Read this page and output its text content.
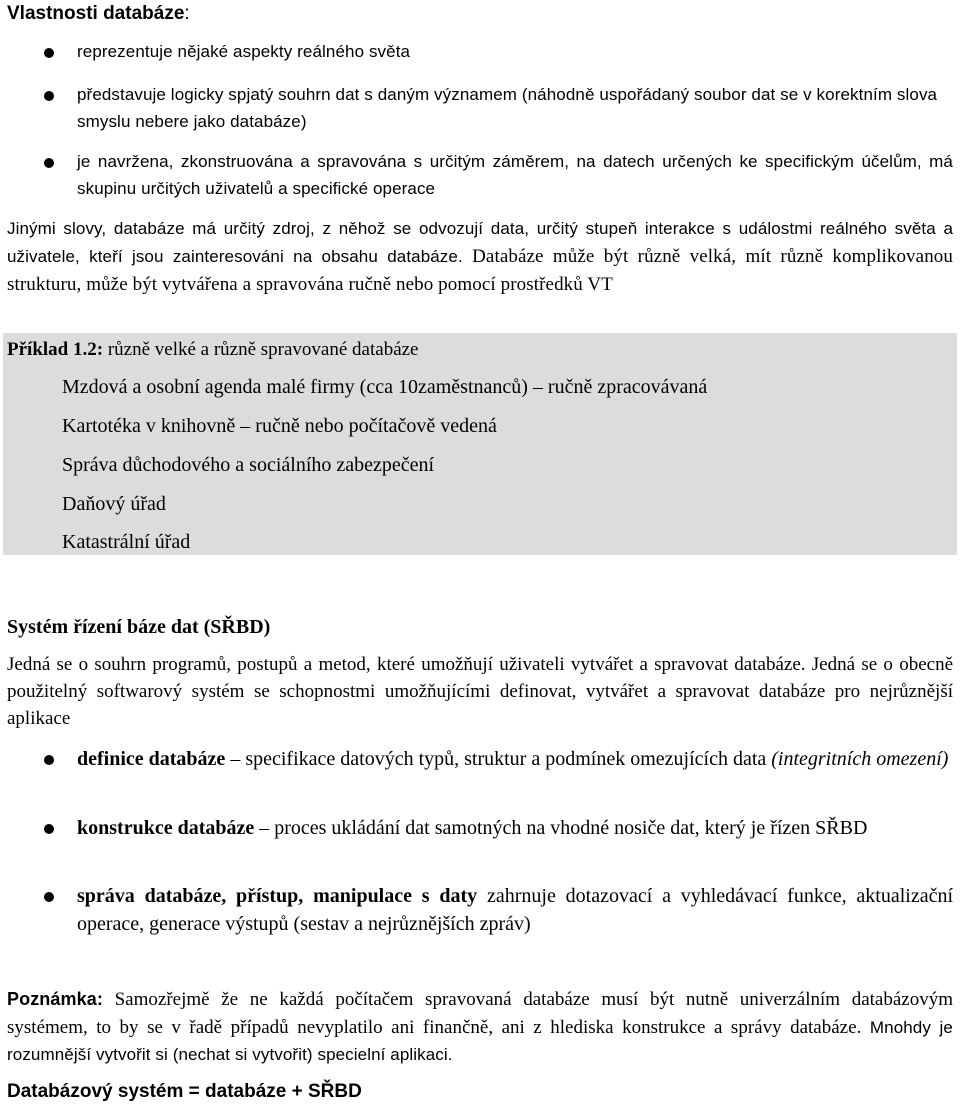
Vlastnosti databáze:
reprezentuje nějaké aspekty reálného světa
představuje logicky spjatý souhrn dat s daným významem (náhodně uspořádaný soubor dat se v korektním slova smyslu nebere jako databáze)
je navržena, zkonstruována a spravována s určitým záměrem, na datech určených ke specifickým účelům, má skupinu určitých uživatelů a specifické operace
Jinými slovy, databáze má určitý zdroj, z něhož se odvozují data, určitý stupeň interakce s událostmi reálného světa a uživatele, kteří jsou zainteresováni na obsahu databáze. Databáze může být různě velká, mít různě komplikovanou strukturu, může být vytvářena a spravována ručně nebo pomocí prostředků VT
Příklad 1.2: různě velké a různě spravované databáze
Mzdová a osobní agenda malé firmy (cca 10zaměstnanců) – ručně zpracovávaná
Kartotéka v knihovně – ručně nebo počítačově vedená
Správa důchodového a sociálního zabezpečení
Daňový úřad
Katastrální úřad
Systém řízení báze dat (SŘBD)
Jedná se o souhrn programů, postupů a metod, které umožňují uživateli vytvářet a spravovat databáze. Jedná se o obecně použitelný softwarový systém se schopnostmi umožňujícími definovat, vytvářet a spravovat databáze pro nejrůznější aplikace
definice databáze – specifikace datových typů, struktur a podmínek omezujících data (integritních omezení)
konstrukce databáze – proces ukládání dat samotných na vhodné nosiče dat, který je řízen SŘBD
správa databáze, přístup, manipulace s daty zahrnuje dotazovací a vyhledávací funkce, aktualizační operace, generace výstupů (sestav a nejrůznějších zpráv)
Poznámka: Samozřejmě že ne každá počítačem spravovaná databáze musí být nutně univerzálním databázovým systémem, to by se v řadě případů nevyplatilo ani finančně, ani z hlediska konstrukce a správy databáze. Mnohdy je rozumnější vytvořit si (nechat si vytvořit) specielní aplikaci.
Databázový systém = databáze + SŘBD
